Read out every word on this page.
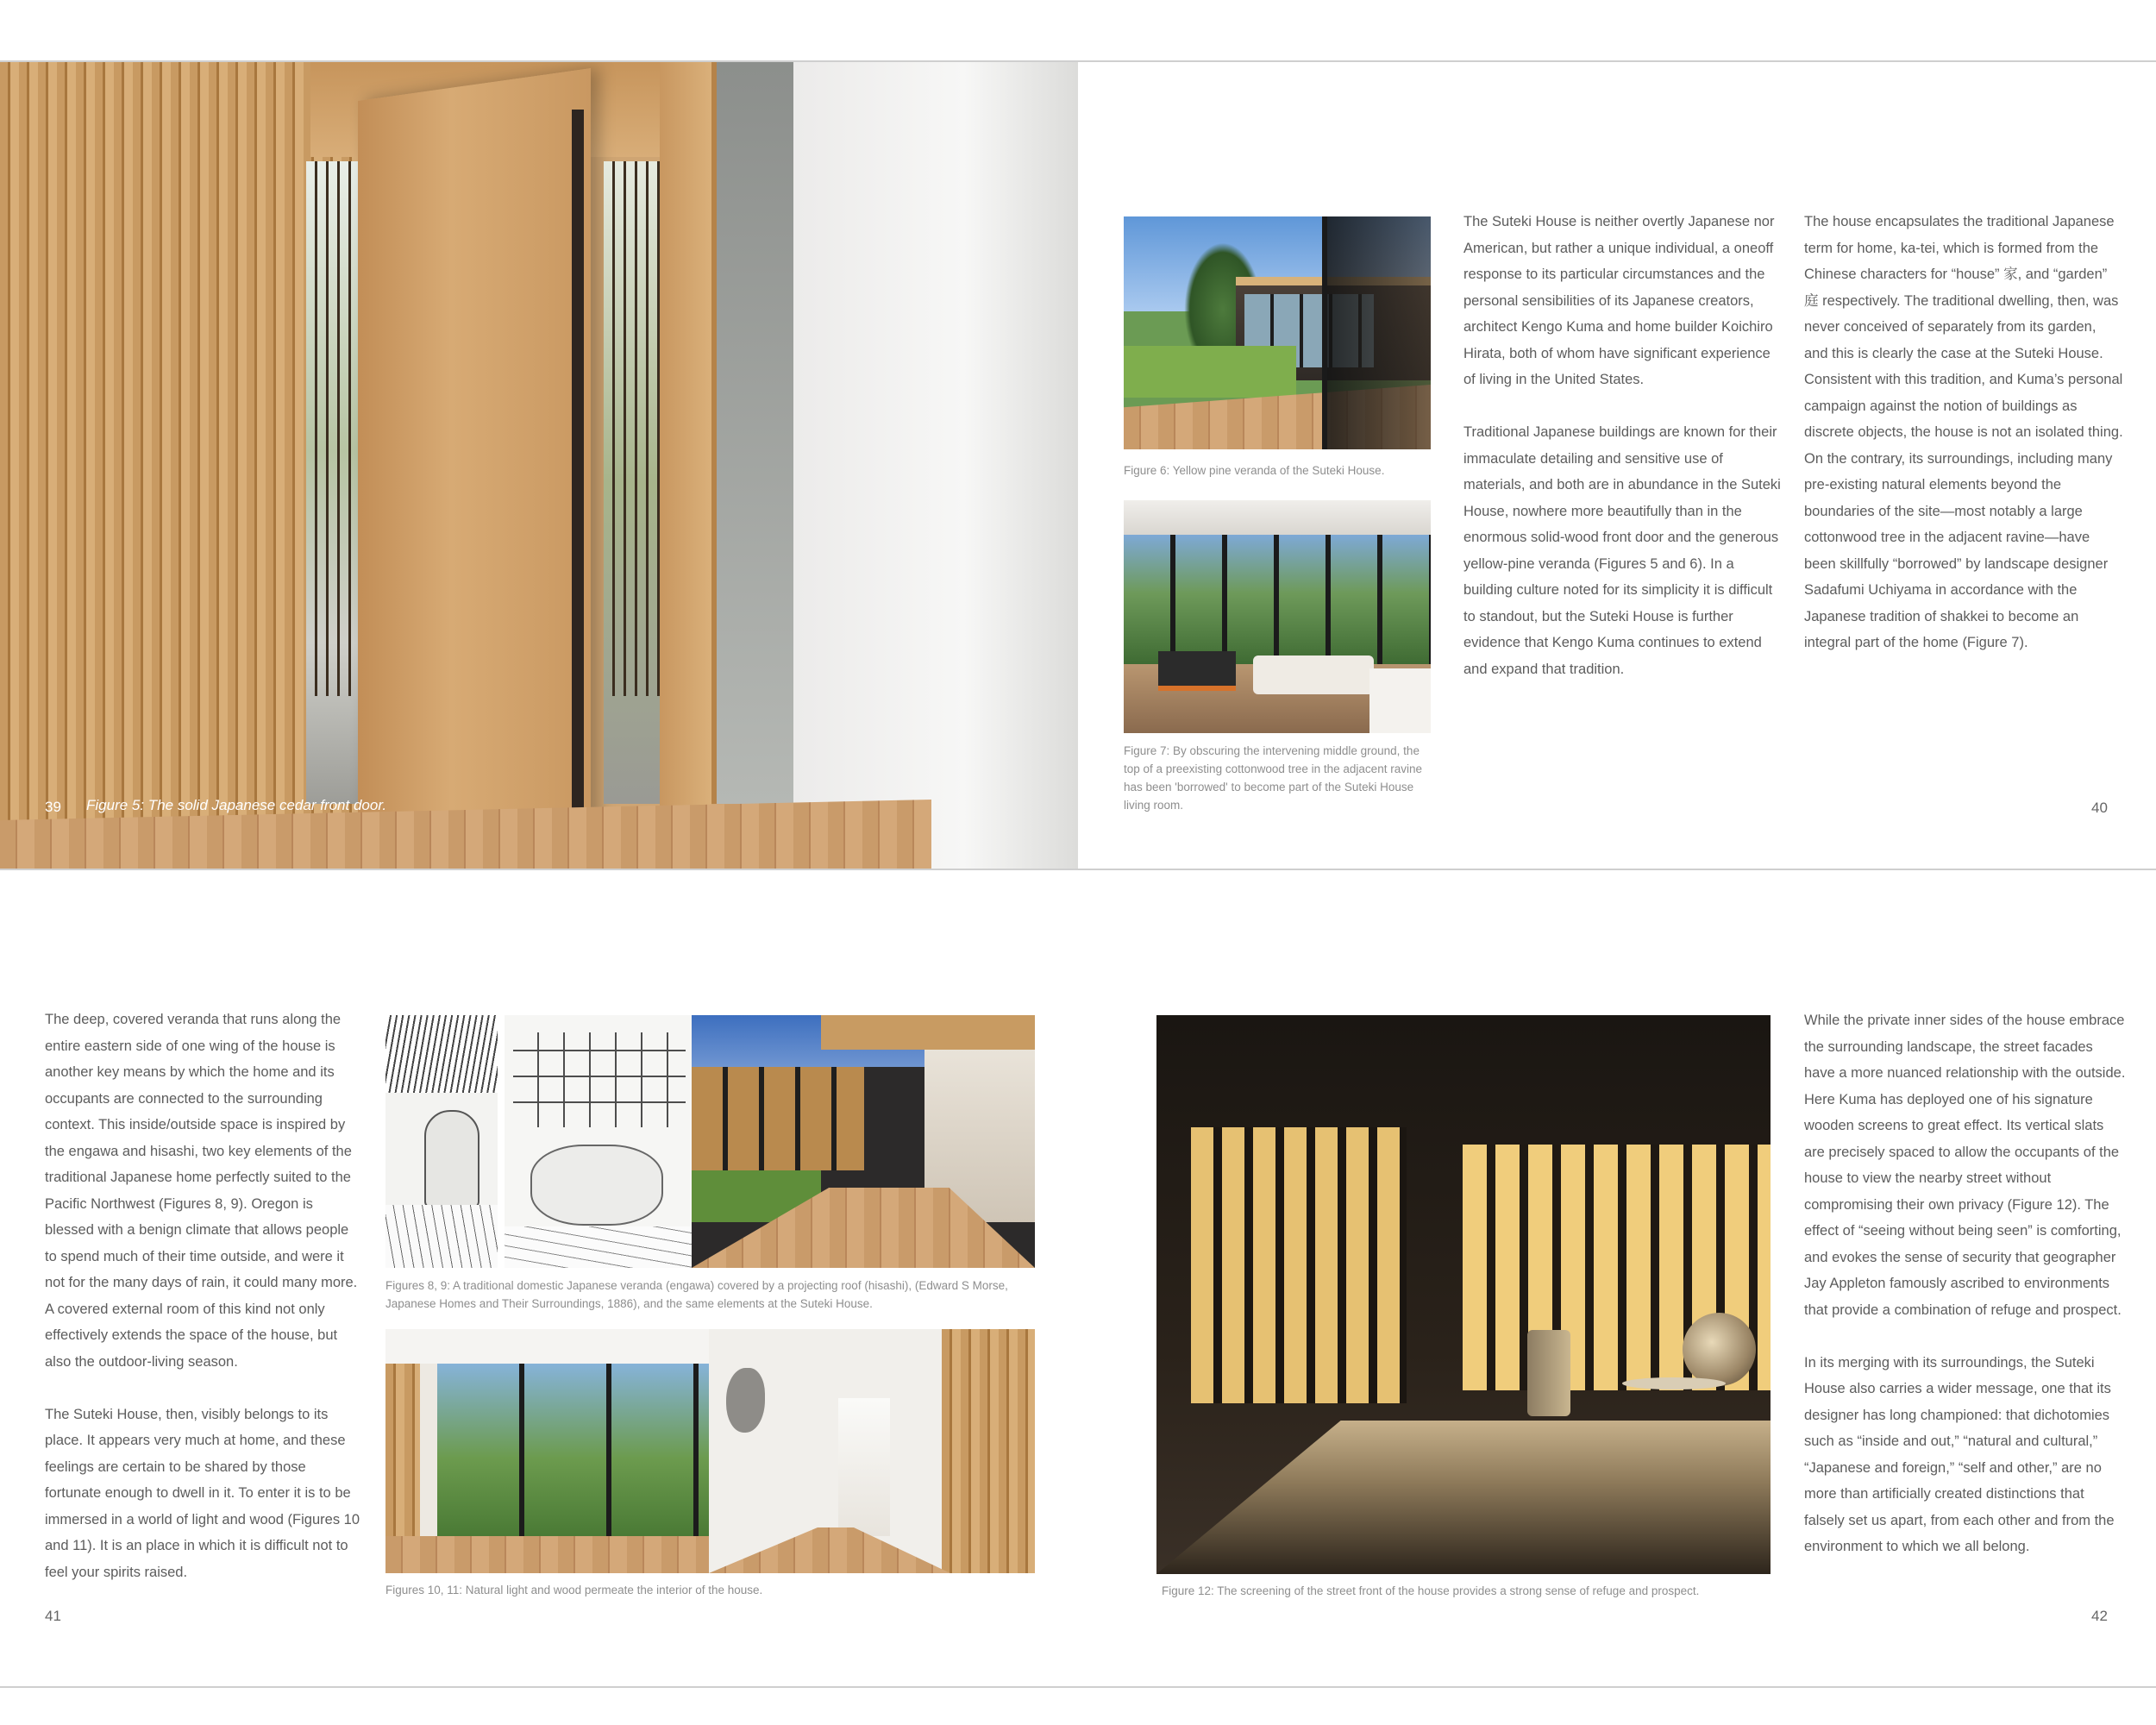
39 Figure 5: The solid Japanese cedar front door.
Figure 6: Yellow pine veranda of the Suteki House.
Figure 7: By obscuring the intervening middle ground, the top of a preexisting cottonwood tree in the adjacent ravine has been 'borrowed' to become part of the Suteki House living room.
The Suteki House is neither overtly Japanese nor American, but rather a unique individual, a oneoff response to its particular circumstances and the personal sensibilities of its Japanese creators, architect Kengo Kuma and home builder Koichiro Hirata, both of whom have significant experience of living in the United States.

Traditional Japanese buildings are known for their immaculate detailing and sensitive use of materials, and both are in abundance in the Suteki House, nowhere more beautifully than in the enormous solid-wood front door and the generous yellow-pine veranda (Figures 5 and 6). In a building culture noted for its simplicity it is difficult to standout, but the Suteki House is further evidence that Kengo Kuma continues to extend and expand that tradition.
The house encapsulates the traditional Japanese term for home, ka-tei, which is formed from the Chinese characters for “house” 家, and “garden” 庭 respectively. The traditional dwelling, then, was never conceived of separately from its garden, and this is clearly the case at the Suteki House. Consistent with this tradition, and Kuma’s personal campaign against the notion of buildings as discrete objects, the house is not an isolated thing. On the contrary, its surroundings, including many pre-existing natural elements beyond the boundaries of the site—most notably a large cottonwood tree in the adjacent ravine—have been skillfully “borrowed” by landscape designer Sadafumi Uchiyama in accordance with the Japanese tradition of shakkei to become an integral part of the home (Figure 7).
40
The deep, covered veranda that runs along the entire eastern side of one wing of the house is another key means by which the home and its occupants are connected to the surrounding context. This inside/outside space is inspired by the engawa and hisashi, two key elements of the traditional Japanese home perfectly suited to the Pacific Northwest (Figures 8, 9). Oregon is blessed with a benign climate that allows people to spend much of their time outside, and were it not for the many days of rain, it could many more. A covered external room of this kind not only effectively extends the space of the house, but also the outdoor-living season.

The Suteki House, then, visibly belongs to its place. It appears very much at home, and these feelings are certain to be shared by those fortunate enough to dwell in it. To enter it is to be immersed in a world of light and wood (Figures 10 and 11). It is an place in which it is difficult not to feel your spirits raised.
Figures 8, 9: A traditional domestic Japanese veranda (engawa) covered by a projecting roof (hisashi), (Edward S Morse, Japanese Homes and Their Surroundings, 1886), and the same elements at the Suteki House.
Figures 10, 11: Natural light and wood permeate the interior of the house.
41
Figure 12: The screening of the street front of the house provides a strong sense of refuge and prospect.
While the private inner sides of the house embrace the surrounding landscape, the street facades have a more nuanced relationship with the outside. Here Kuma has deployed one of his signature wooden screens to great effect. Its vertical slats are precisely spaced to allow the occupants of the house to view the nearby street without compromising their own privacy (Figure 12). The effect of “seeing without being seen” is comforting, and evokes the sense of security that geographer Jay Appleton famously ascribed to environments that provide a combination of refuge and prospect.

In its merging with its surroundings, the Suteki House also carries a wider message, one that its designer has long championed: that dichotomies such as “inside and out,” “natural and cultural,” “Japanese and foreign,” “self and other,” are no more than artificially created distinctions that falsely set us apart, from each other and from the environment to which we all belong.
42
